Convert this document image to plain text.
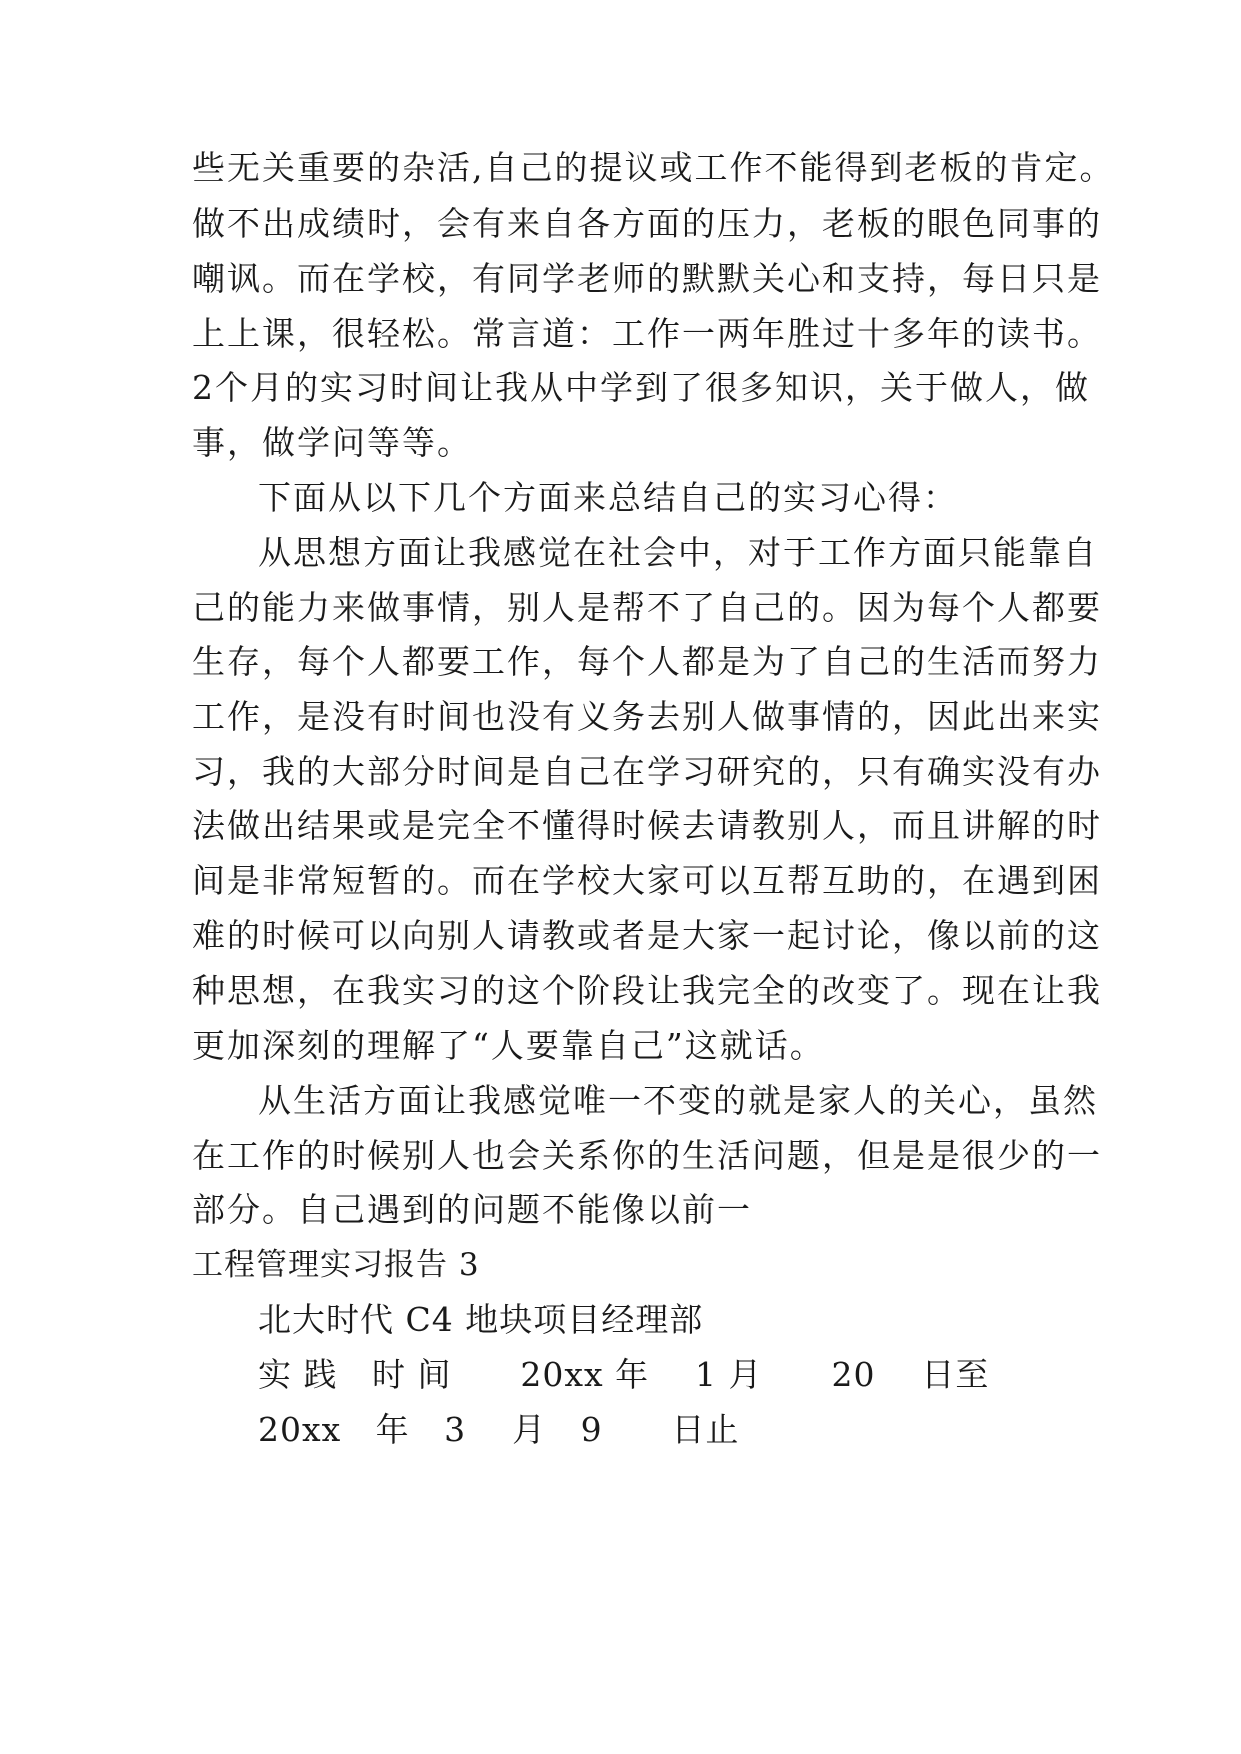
些无关重要的杂活,自己的提议或工作不能得到老板的肯定。
做不出成绩时，会有来自各方面的压力，老板的眼色同事的
嘲讽。而在学校，有同学老师的默默关心和支持，每日只是
上上课，很轻松。常言道：工作一两年胜过十多年的读书。
2个月的实习时间让我从中学到了很多知识，关于做人，做
事，做学问等等。
下面从以下几个方面来总结自己的实习心得：
从思想方面让我感觉在社会中，对于工作方面只能靠自
己的能力来做事情，别人是帮不了自己的。因为每个人都要
生存，每个人都要工作，每个人都是为了自己的生活而努力
工作，是没有时间也没有义务去别人做事情的，因此出来实
习，我的大部分时间是自己在学习研究的，只有确实没有办
法做出结果或是完全不懂得时候去请教别人，而且讲解的时
间是非常短暂的。而在学校大家可以互帮互助的，在遇到困
难的时候可以向别人请教或者是大家一起讨论，像以前的这
种思想，在我实习的这个阶段让我完全的改变了。现在让我
更加深刻的理解了“人要靠自己”这就话。
从生活方面让我感觉唯一不变的就是家人的关心，虽然
在工作的时候别人也会关系你的生活问题，但是是很少的一
部分。自己遇到的问题不能像以前一
工程管理实习报告 3
北大时代 C4 地块项目经理部
实 践   时 间      20xx 年    1 月      20    日至
20xx   年   3    月   9      日止
